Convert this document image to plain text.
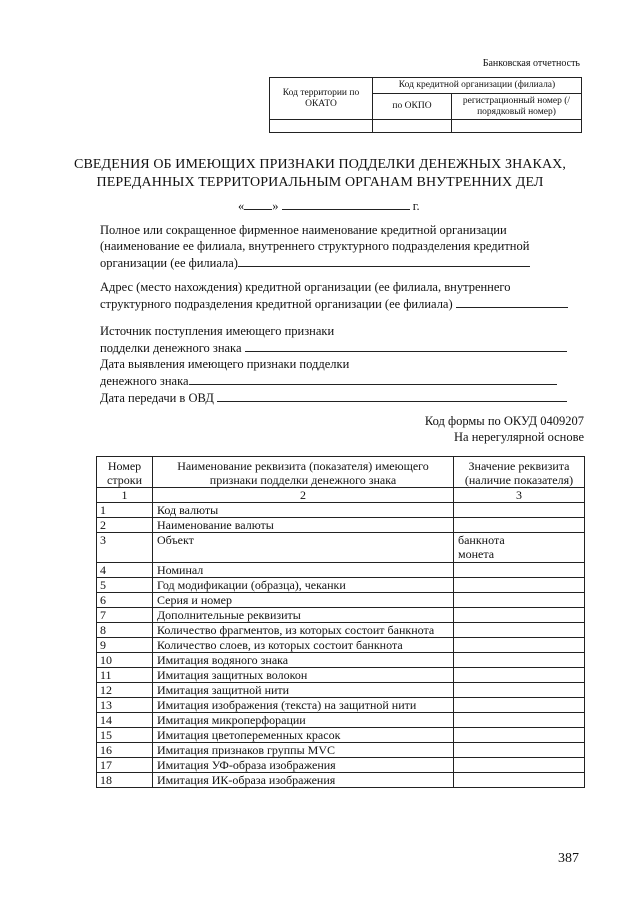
Банковская отчетность
Код территории по ОКАТО	Код кредитной организации (филиала)	
	по ОКПО	регистрационный номер (/порядковый номер)

СВЕДЕНИЯ ОБ ИМЕЮЩИХ ПРИЗНАКИ ПОДДЕЛКИ ДЕНЕЖНЫХ ЗНАКАХ,
ПЕРЕДАННЫХ ТЕРРИТОРИАЛЬНЫМ ОРГАНАМ ВНУТРЕННИХ ДЕЛ
« »	г.
Полное или сокращенное фирменное наименование кредитной организации
(наименование ее филиала, внутреннего структурного подразделения кредитной
организации (ее филиала)
Адрес (место нахождения) кредитной организации (ее филиала, внутреннего
структурного подразделения кредитной организации (ее филиала)
Источник поступления имеющего признаки
подделки денежного знака
Дата выявления имеющего признаки подделки
денежного знака
Дата передачи в ОВД
Код формы по ОКУД 0409207
На нерегулярной основе
Номер строки	Наименование реквизита (показателя) имеющего признаки подделки денежного знака	Значение реквизита (наличие показателя)
1	2	3
1	Код валюты	
2	Наименование валюты	
3	Объект	банкнота
монета

4	Номинал	
5	Год модификации (образца), чеканки	
6	Серия и номер	
7	Дополнительные реквизиты	
8	Количество фрагментов, из которых состоит банкнота	
9	Количество слоев, из которых состоит банкнота	
10	Имитация водяного знака	
11	Имитация защитных волокон	
12	Имитация защитной нити	
13	Имитация изображения (текста) на защитной нити	
14	Имитация микроперфорации	
15	Имитация цветопеременных красок	
16	Имитация признаков группы MVC	
17	Имитация УФ-образа изображения	
18	Имитация ИК-образа изображения	
387
